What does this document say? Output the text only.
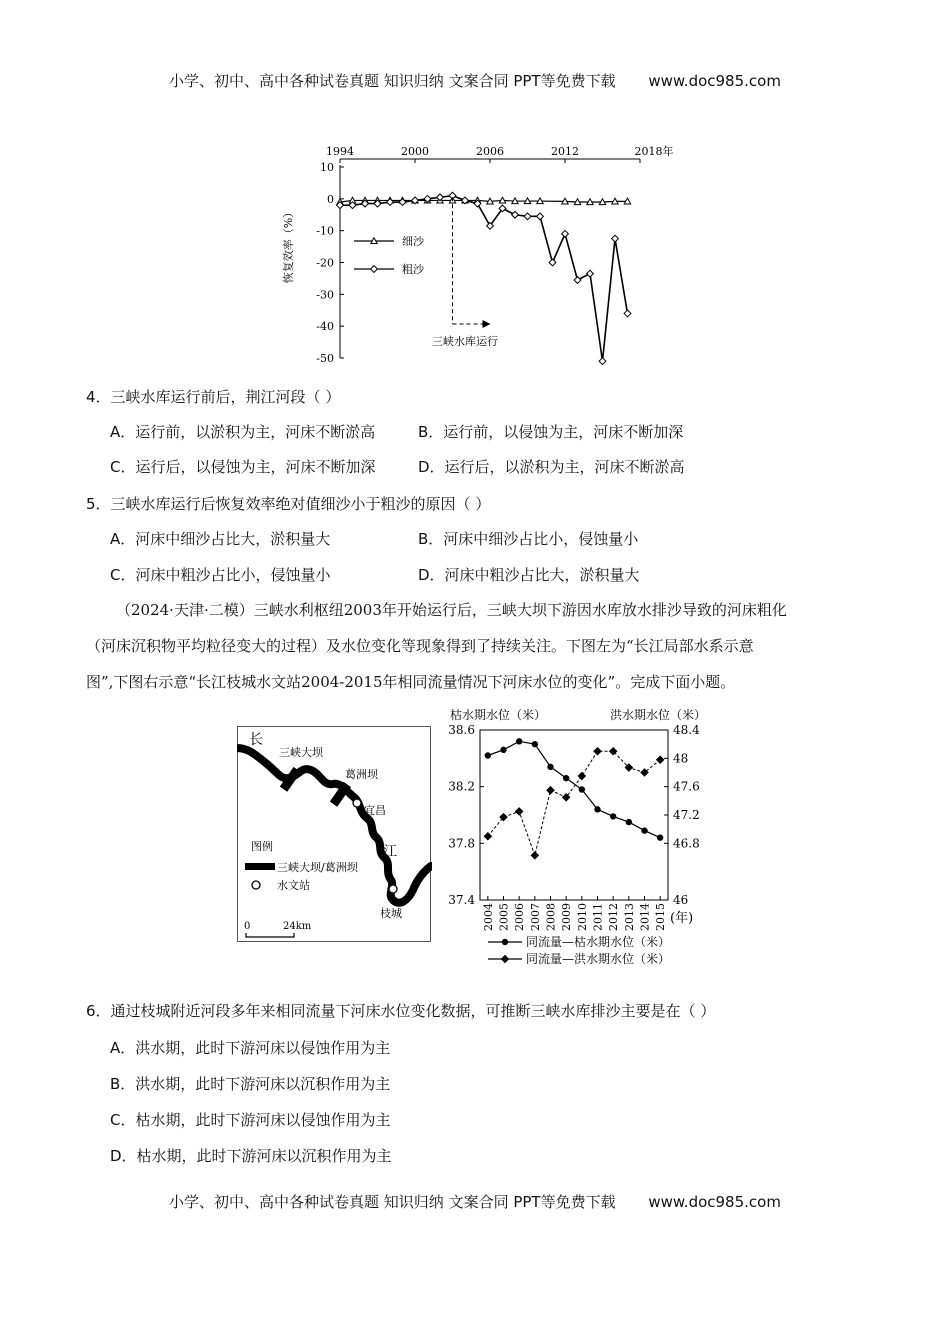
小学、初中、高中各种试卷真题 知识归纳 文案合同 PPT等免费下载 www.doc985.com
1994	2000	2006	2012	2018年
10
0
-10
-20
-30
-40
-50
恢复效率（%）	细沙
粗沙
三峡水库运行
4．三峡水库运行前后，荆江河段（ ）
A．运行前，以淤积为主，河床不断淤高	B．运行前，以侵蚀为主，河床不断加深
C．运行后，以侵蚀为主，河床不断加深	D．运行后，以淤积为主，河床不断淤高
5．三峡水库运行后恢复效率绝对值细沙小于粗沙的原因（ ）
A．河床中细沙占比大，淤积量大	B．河床中细沙占比小，侵蚀量小
C．河床中粗沙占比小，侵蚀量小	D．河床中粗沙占比大，淤积量大
（2024·天津·二模）三峡水利枢纽2003年开始运行后，三峡大坝下游因水库放水排沙导致的河床粗化
（河床沉积物平均粒径变大的过程）及水位变化等现象得到了持续关注。下图左为“长江局部水系示意
图”,下图右示意“长江枝城水文站2004-2015年相同流量情况下河床水位的变化”。完成下面小题。
长
江
三峡大坝
葛洲坝
宜昌
枝城
图例
三峡大坝/葛洲坝
水文站
0	24km
枯水期水位（米）	洪水期水位（米）
38.6
38.2
37.8
37.4
48.4
48
47.6
47.2
46.8
46
2004 2005 2006 2007 2008 2009 2010 2011 2012 2013 2014 2015 (年)
同流量—枯水期水位（米）
同流量—洪水期水位（米）
6．通过枝城附近河段多年来相同流量下河床水位变化数据，可推断三峡水库排沙主要是在（ ）
A．洪水期，此时下游河床以侵蚀作用为主
B．洪水期，此时下游河床以沉积作用为主
C．枯水期，此时下游河床以侵蚀作用为主
D．枯水期，此时下游河床以沉积作用为主
小学、初中、高中各种试卷真题 知识归纳 文案合同 PPT等免费下载 www.doc985.com
